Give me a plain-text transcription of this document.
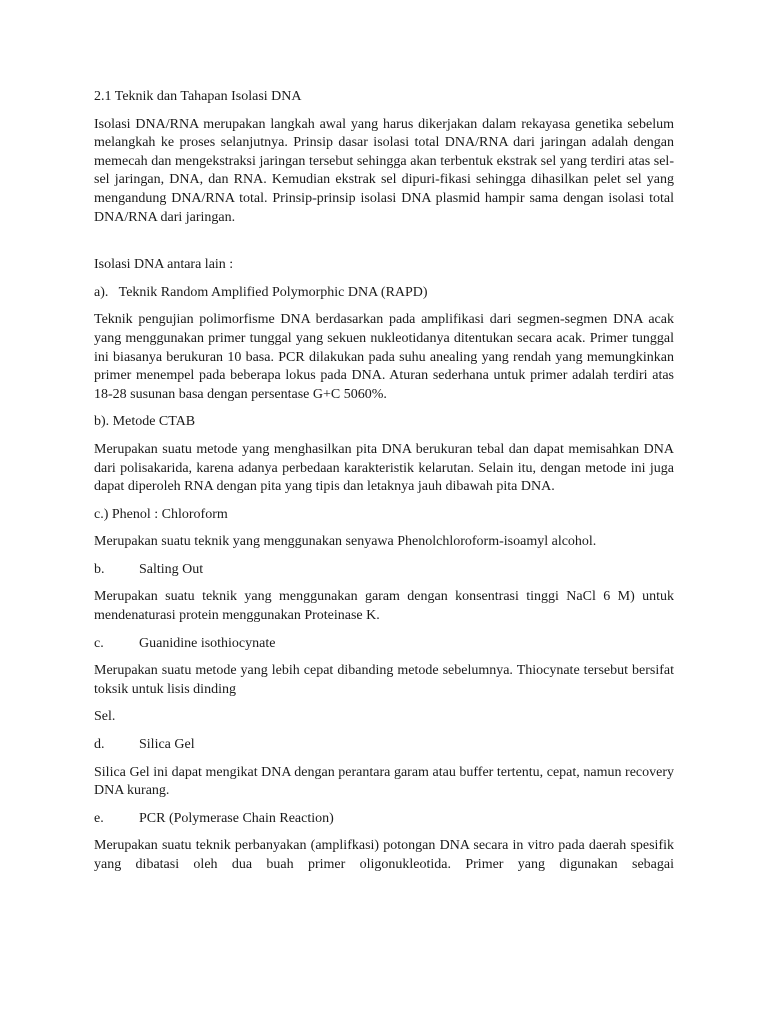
2.1 Teknik dan Tahapan Isolasi DNA

Isolasi DNA/RNA merupakan langkah awal yang harus dikerjakan dalam rekayasa genetika sebelum melangkah ke proses selanjutnya. Prinsip dasar isolasi total DNA/RNA dari jaringan adalah dengan memecah dan mengekstraksi jaringan tersebut sehingga akan terbentuk ekstrak sel yang terdiri atas sel-sel jaringan, DNA, dan RNA. Kemudian ekstrak sel dipuri-fikasi sehingga dihasilkan pelet sel yang mengandung DNA/RNA total. Prinsip-prinsip isolasi DNA plasmid hampir sama dengan isolasi total DNA/RNA dari jaringan.

Isolasi DNA antara lain :

a).   Teknik Random Amplified Polymorphic DNA (RAPD)

Teknik pengujian polimorfisme DNA berdasarkan pada amplifikasi dari segmen-segmen DNA acak yang menggunakan primer tunggal yang sekuen nukleotidanya ditentukan secara acak. Primer tunggal ini biasanya berukuran 10 basa. PCR dilakukan pada suhu anealing yang rendah yang memungkinkan primer menempel pada beberapa lokus pada DNA. Aturan sederhana untuk primer adalah terdiri atas 18-28 susunan basa dengan persentase G+C 5060%.

b). Metode CTAB

Merupakan suatu metode yang menghasilkan pita DNA berukuran tebal dan dapat memisahkan DNA dari polisakarida, karena adanya perbedaan karakteristik kelarutan. Selain itu, dengan metode ini juga dapat diperoleh RNA dengan pita yang tipis dan letaknya jauh dibawah pita DNA.

c.) Phenol : Chloroform

Merupakan suatu teknik yang menggunakan senyawa Phenolchloroform-isoamyl alcohol.

b.	Salting Out

Merupakan suatu teknik yang menggunakan garam dengan konsentrasi tinggi NaCl 6 M) untuk mendenaturasi protein menggunakan Proteinase K.

c.	Guanidine isothiocynate

Merupakan suatu metode yang lebih cepat dibanding metode sebelumnya. Thiocynate tersebut bersifat toksik untuk lisis dinding

Sel.

d.	Silica Gel

Silica Gel ini dapat mengikat DNA dengan perantara garam atau buffer tertentu, cepat, namun recovery DNA kurang.

e.	PCR (Polymerase Chain Reaction)

Merupakan suatu teknik perbanyakan (amplifkasi) potongan DNA secara in vitro pada daerah spesifik yang dibatasi oleh dua buah primer oligonukleotida. Primer yang digunakan sebagai
